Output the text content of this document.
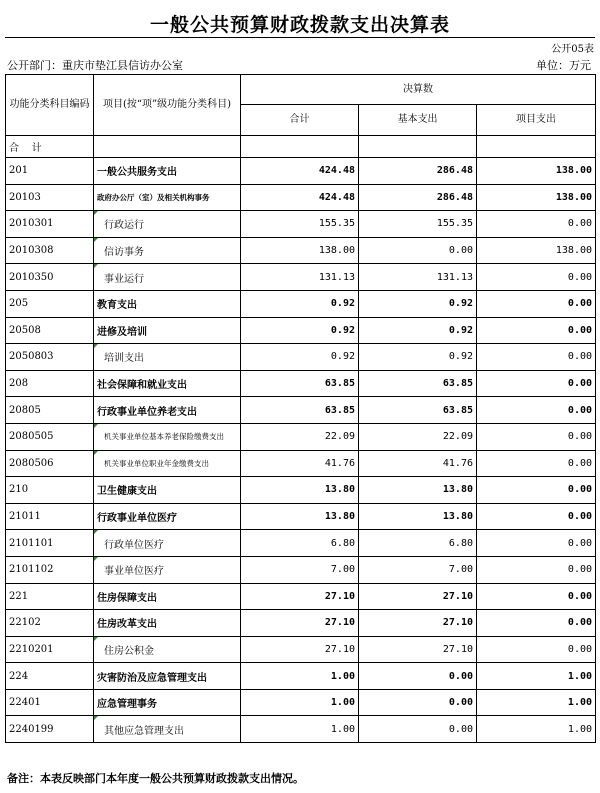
一般公共预算财政拨款支出决算表
公开05表
公开部门：重庆市垫江县信访办公室	单位：万元
功能分类科目编码	项目(按“项”级功能分类科目)	决算数		
		合计	基本支出	项目支出
合    计				
201	一般公共服务支出	424.48	286.48	138.00
20103	政府办公厅（室）及相关机构事务	424.48	286.48	138.00
2010301	行政运行	155.35	155.35	0.00
2010308	信访事务	138.00	0.00	138.00
2010350	事业运行	131.13	131.13	0.00
205	教育支出	0.92	0.92	0.00
20508	进修及培训	0.92	0.92	0.00
2050803	培训支出	0.92	0.92	0.00
208	社会保障和就业支出	63.85	63.85	0.00
20805	行政事业单位养老支出	63.85	63.85	0.00
2080505	机关事业单位基本养老保险缴费支出	22.09	22.09	0.00
2080506	机关事业单位职业年金缴费支出	41.76	41.76	0.00
210	卫生健康支出	13.80	13.80	0.00
21011	行政事业单位医疗	13.80	13.80	0.00
2101101	行政单位医疗	6.80	6.80	0.00
2101102	事业单位医疗	7.00	7.00	0.00
221	住房保障支出	27.10	27.10	0.00
22102	住房改革支出	27.10	27.10	0.00
2210201	住房公积金	27.10	27.10	0.00
224	灾害防治及应急管理支出	1.00	0.00	1.00
22401	应急管理事务	1.00	0.00	1.00
2240199	其他应急管理支出	1.00	0.00	1.00
备注：本表反映部门本年度一般公共预算财政拨款支出情况。
